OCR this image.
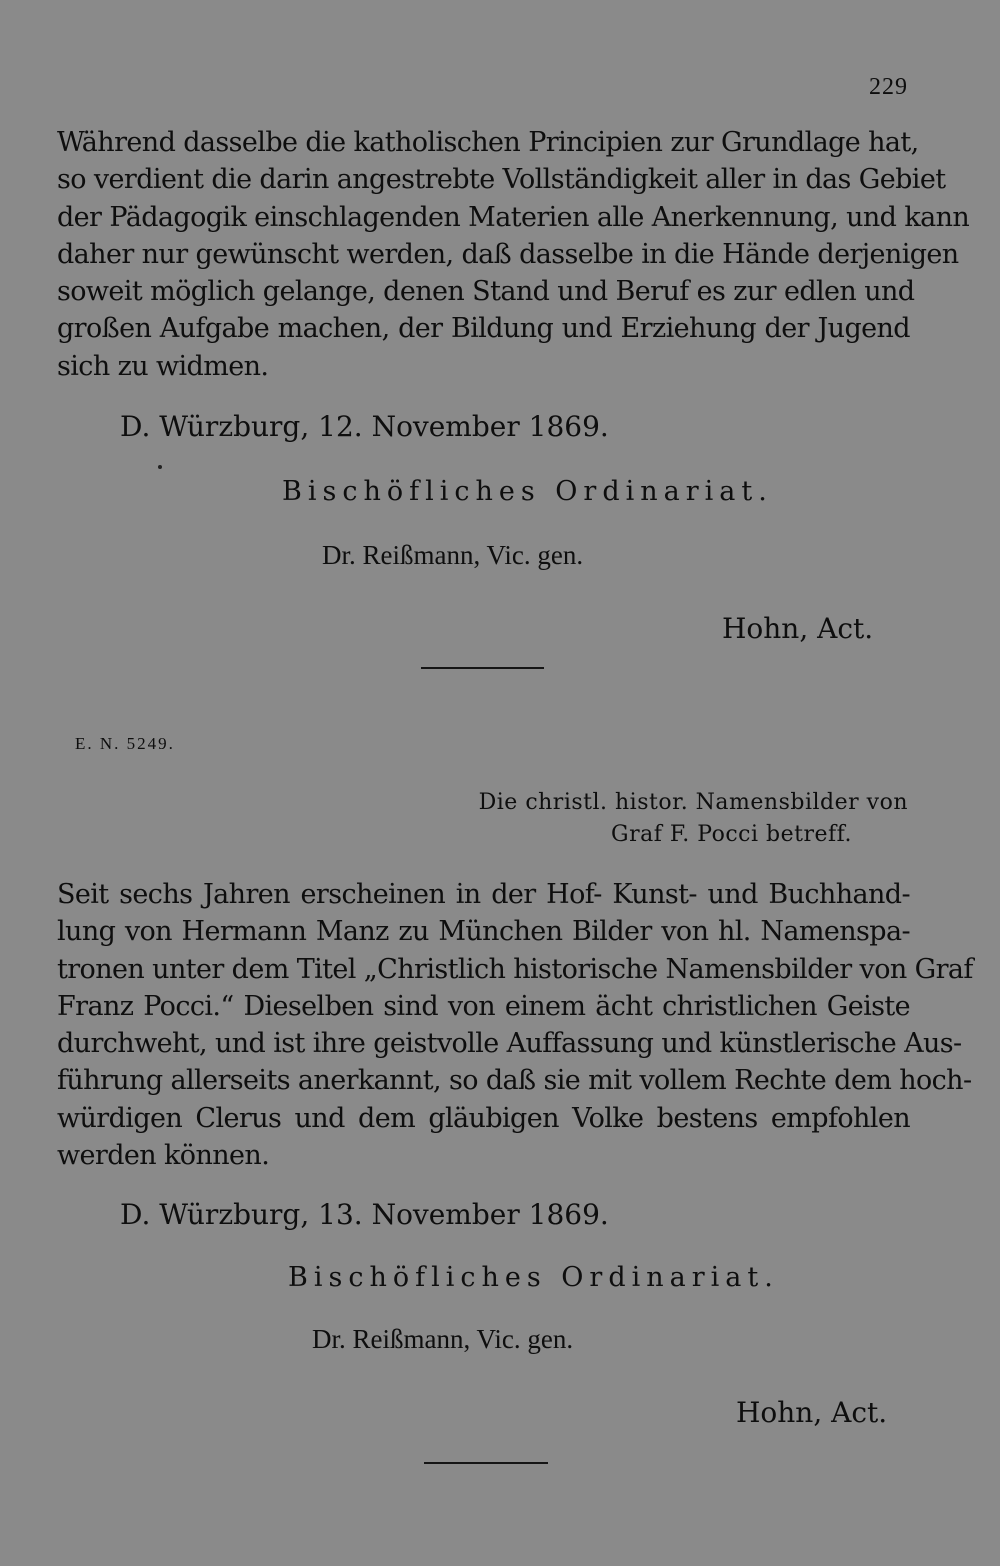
229
Während dasselbe die katholischen Principien zur Grundlage hat,
so verdient die darin angestrebte Vollständigkeit aller in das Gebiet
der Pädagogik einschlagenden Materien alle Anerkennung, und kann
daher nur gewünscht werden, daß dasselbe in die Hände derjenigen
soweit möglich gelange, denen Stand und Beruf es zur edlen und
großen Aufgabe machen, der Bildung und Erziehung der Jugend
sich zu widmen.
D. Würzburg, 12. November 1869.
Bischöfliches Ordinariat.
Dr. Reißmann, Vic. gen.
Hohn, Act.
E. N. 5249.
Die christl. histor. Namensbilder von
Graf F. Pocci betreff.
Seit sechs Jahren erscheinen in der Hof- Kunst- und Buchhand-
lung von Hermann Manz zu München Bilder von hl. Namenspa-
tronen unter dem Titel „Christlich historische Namensbilder von Graf
Franz Pocci.“ Dieselben sind von einem ächt christlichen Geiste
durchweht, und ist ihre geistvolle Auffassung und künstlerische Aus-
führung allerseits anerkannt, so daß sie mit vollem Rechte dem hoch-
würdigen Clerus und dem gläubigen Volke bestens empfohlen
werden können.
D. Würzburg, 13. November 1869.
Bischöfliches Ordinariat.
Dr. Reißmann, Vic. gen.
Hohn, Act.
